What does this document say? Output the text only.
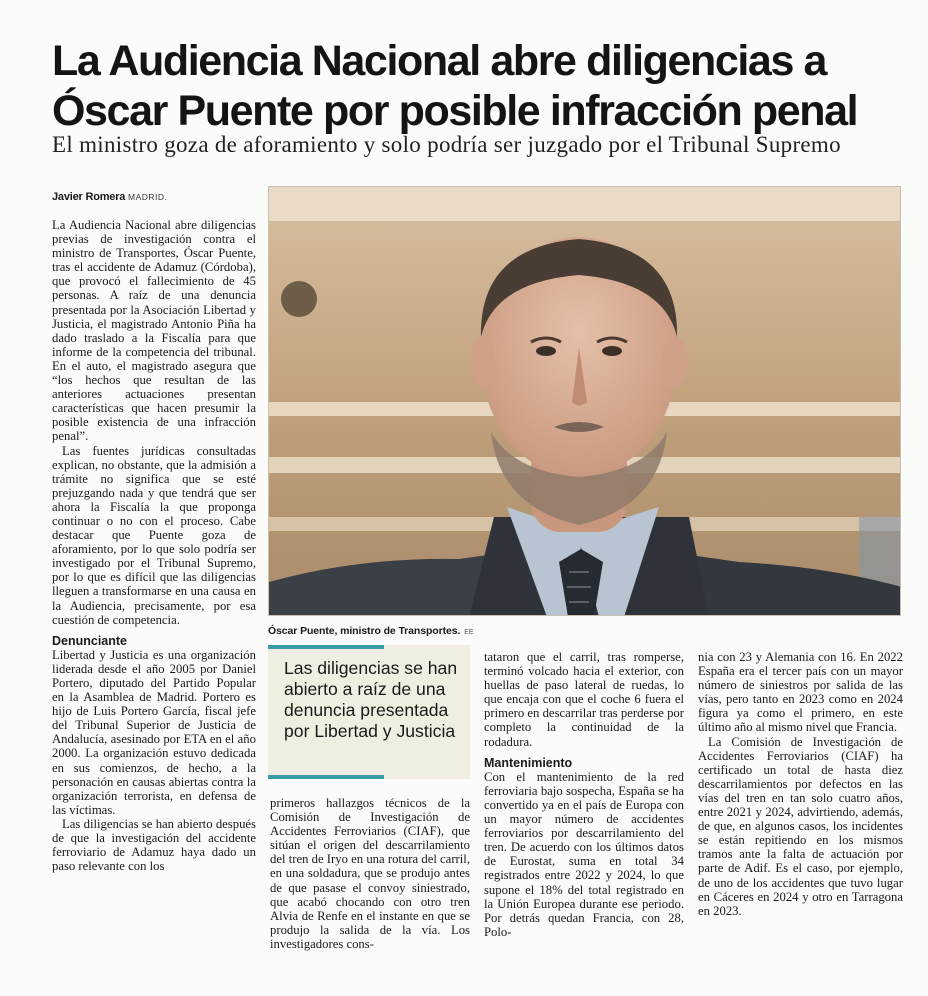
La Audiencia Nacional abre diligencias a
Óscar Puente por posible infracción penal
El ministro goza de aforamiento y solo podría ser juzgado por el Tribunal Supremo
Javier Romera MADRID.

La Audiencia Nacional abre diligencias previas de investigación contra el ministro de Transportes, Óscar Puente, tras el accidente de Adamuz (Córdoba), que provocó el fallecimiento de 45 personas. A raíz de una denuncia presentada por la Asociación Libertad y Justicia, el magistrado Antonio Piña ha dado traslado a la Fiscalía para que informe de la competencia del tribunal. En el auto, el magistrado asegura que “los hechos que resultan de las anteriores actuaciones presentan características que hacen presumir la posible existencia de una infracción penal”.

Las fuentes jurídicas consultadas explican, no obstante, que la admisión a trámite no significa que se esté prejuzgando nada y que tendrá que ser ahora la Fiscalía la que proponga continuar o no con el proceso. Cabe destacar que Puente goza de aforamiento, por lo que solo podría ser investigado por el Tribunal Supremo, por lo que es difícil que las diligencias lleguen a transformarse en una causa en la Audiencia, precisamente, por esa cuestión de competencia.

Denunciante

Libertad y Justicia es una organización liderada desde el año 2005 por Daniel Portero, diputado del Partido Popular en la Asamblea de Madrid. Portero es hijo de Luis Portero García, fiscal jefe del Tribunal Superior de Justicia de Andalucía, asesinado por ETA en el año 2000. La organización estuvo dedicada en sus comienzos, de hecho, a la personación en causas abiertas contra la organización terrorista, en defensa de las víctimas.

Las diligencias se han abierto después de que la investigación del accidente ferroviario de Adamuz haya dado un paso relevante con los

Óscar Puente, ministro de Transportes. EE
Las diligencias se han abierto a raíz de una denuncia presentada por Libertad y Justicia

primeros hallazgos técnicos de la Comisión de Investigación de Accidentes Ferroviarios (CIAF), que sitúan el origen del descarrilamiento del tren de Iryo en una rotura del carril, en una soldadura, que se produjo antes de que pasase el convoy siniestrado, que acabó chocando con otro tren Alvia de Renfe en el instante en que se produjo la salida de la vía. Los investigadores cons-

tataron que el carril, tras romperse, terminó volcado hacia el exterior, con huellas de paso lateral de ruedas, lo que encaja con que el coche 6 fuera el primero en descarrilar tras perderse por completo la continuidad de la rodadura.

Mantenimiento

Con el mantenimiento de la red ferroviaria bajo sospecha, España se ha convertido ya en el país de Europa con un mayor número de accidentes ferroviarios por descarrilamiento del tren. De acuerdo con los últimos datos de Eurostat, suma en total 34 registrados entre 2022 y 2024, lo que supone el 18% del total registrado en la Unión Europea durante ese periodo. Por detrás quedan Francia, con 28, Polo-

nia con 23 y Alemania con 16. En 2022 España era el tercer país con un mayor número de siniestros por salida de las vías, pero tanto en 2023 como en 2024 figura ya como el primero, en este último año al mismo nivel que Francia.

La Comisión de Investigación de Accidentes Ferroviarios (CIAF) ha certificado un total de hasta diez descarrilamientos por defectos en las vías del tren en tan solo cuatro años, entre 2021 y 2024, advirtiendo, además, de que, en algunos casos, los incidentes se están repitiendo en los mismos tramos ante la falta de actuación por parte de Adif. Es el caso, por ejemplo, de uno de los accidentes que tuvo lugar en Cáceres en 2024 y otro en Tarragona en 2023.
